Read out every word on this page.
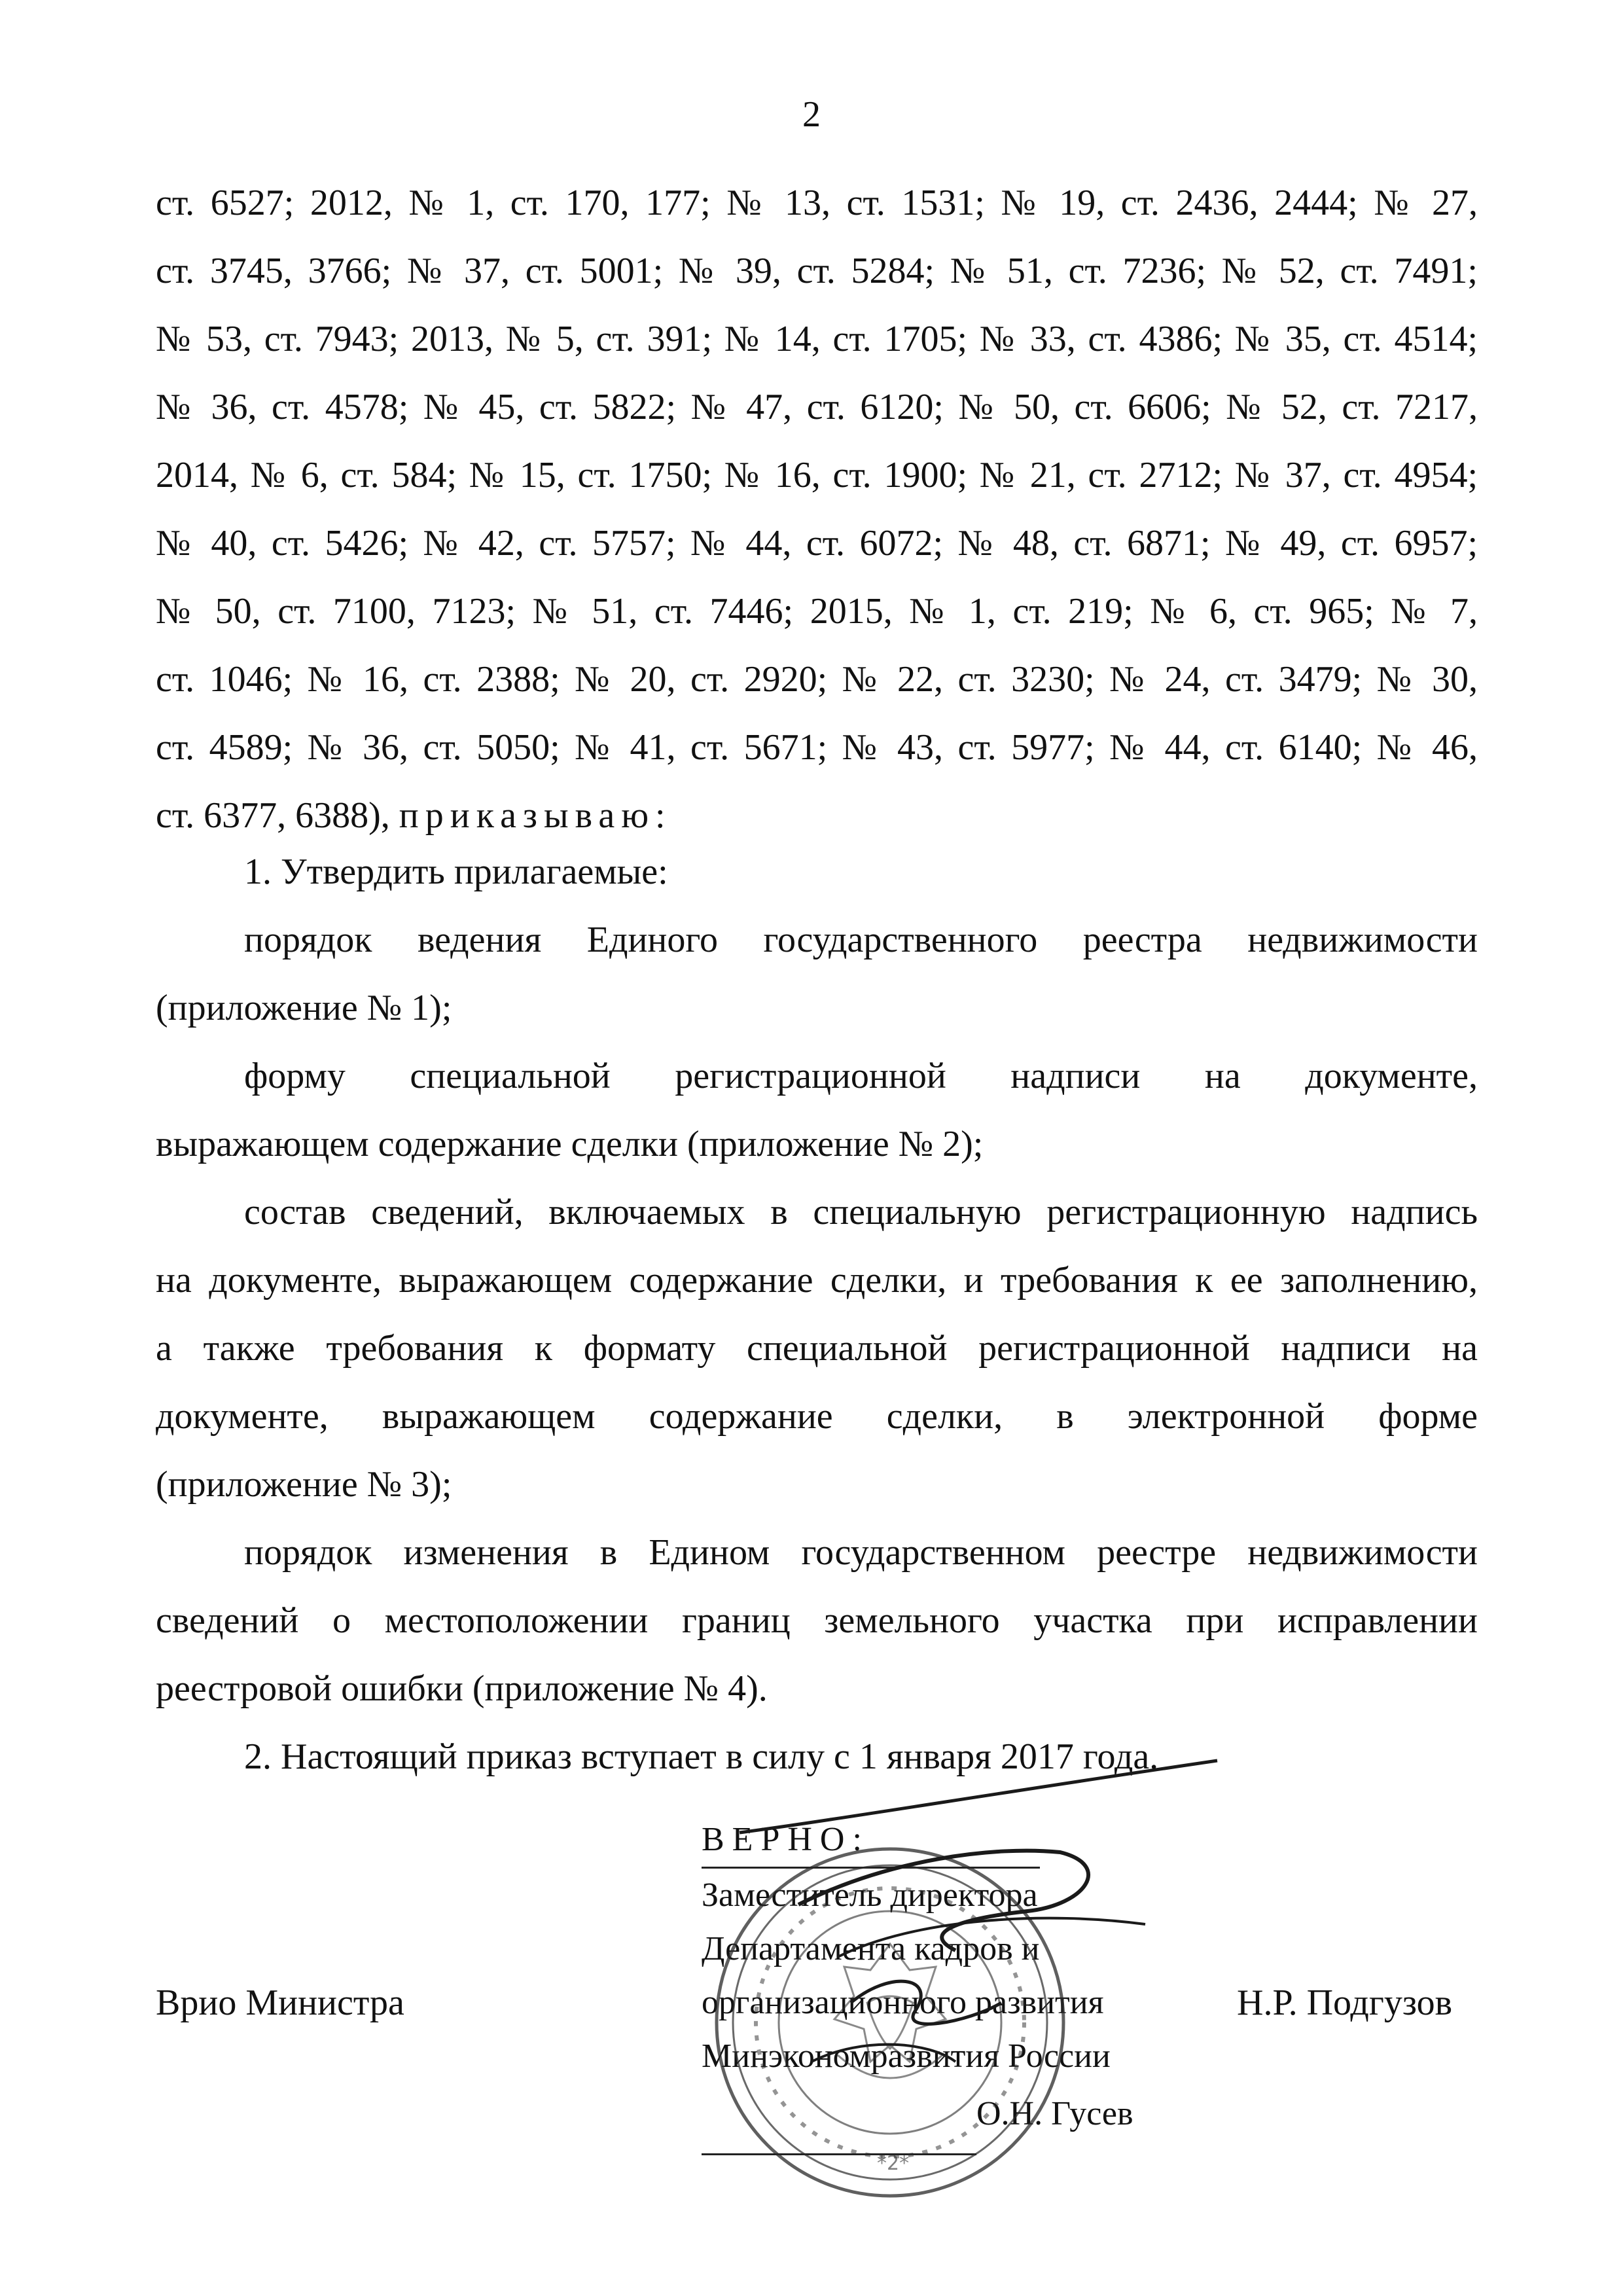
2
ст. 6527; 2012, № 1, ст. 170, 177; № 13, ст. 1531; № 19, ст. 2436, 2444; № 27,
ст. 3745, 3766; № 37, ст. 5001; № 39, ст. 5284; № 51, ст. 7236; № 52, ст. 7491;
№ 53, ст. 7943; 2013, № 5, ст. 391; № 14, ст. 1705; № 33, ст. 4386; № 35, ст. 4514;
№ 36, ст. 4578; № 45, ст. 5822; № 47, ст. 6120; № 50, ст. 6606; № 52, ст. 7217,
2014, № 6, ст. 584; № 15, ст. 1750; № 16, ст. 1900; № 21, ст. 2712; № 37, ст. 4954;
№ 40, ст. 5426; № 42, ст. 5757; № 44, ст. 6072; № 48, ст. 6871; № 49, ст. 6957;
№ 50, ст. 7100, 7123; № 51, ст. 7446; 2015, № 1, ст. 219; № 6, ст. 965; № 7,
ст. 1046; № 16, ст. 2388; № 20, ст. 2920; № 22, ст. 3230; № 24, ст. 3479; № 30,
ст. 4589; № 36, ст. 5050; № 41, ст. 5671; № 43, ст. 5977; № 44, ст. 6140; № 46,
ст. 6377, 6388), приказываю:
1. Утвердить прилагаемые:
порядок ведения Единого государственного реестра недвижимости
(приложение № 1);
форму специальной регистрационной надписи на документе,
выражающем содержание сделки (приложение № 2);
состав сведений, включаемых в специальную регистрационную надпись
на документе, выражающем содержание сделки, и требования к ее заполнению,
а также требования к формату специальной регистрационной надписи на
документе, выражающем содержание сделки, в электронной форме
(приложение № 3);
порядок изменения в Едином государственном реестре недвижимости
сведений о местоположении границ земельного участка при исправлении
реестровой ошибки (приложение № 4).
2. Настоящий приказ вступает в силу с 1 января 2017 года.
ВЕРНО:
Заместитель директора
Департамента кадров и
организационного развития
Минэкономразвития России
О.Н. Гусев
Врио Министра	Н.Р. Подгузов
*2*
